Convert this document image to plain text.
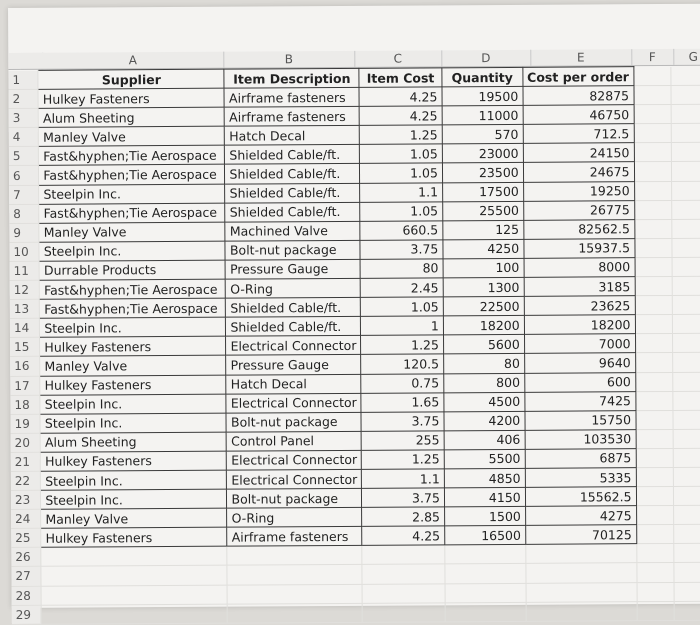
A	B	C	D	E	F	G
1	Supplier	Item Description	Item Cost	Quantity	Cost per order		
2	Hulkey Fasteners	Airframe fasteners	4.25	19500	82875		
3	Alum Sheeting	Airframe fasteners	4.25	11000	46750		
4	Manley Valve	Hatch Decal	1.25	570	712.5		
5	Fast&hyphen;Tie Aerospace	Shielded Cable/ft.	1.05	23000	24150		
6	Fast&hyphen;Tie Aerospace	Shielded Cable/ft.	1.05	23500	24675		
7	Steelpin Inc.	Shielded Cable/ft.	1.1	17500	19250		
8	Fast&hyphen;Tie Aerospace	Shielded Cable/ft.	1.05	25500	26775		
9	Manley Valve	Machined Valve	660.5	125	82562.5		
10	Steelpin Inc.	Bolt-nut package	3.75	4250	15937.5		
11	Durrable Products	Pressure Gauge	80	100	8000		
12	Fast&hyphen;Tie Aerospace	O-Ring	2.45	1300	3185		
13	Fast&hyphen;Tie Aerospace	Shielded Cable/ft.	1.05	22500	23625		
14	Steelpin Inc.	Shielded Cable/ft.	1	18200	18200		
15	Hulkey Fasteners	Electrical Connector	1.25	5600	7000		
16	Manley Valve	Pressure Gauge	120.5	80	9640		
17	Hulkey Fasteners	Hatch Decal	0.75	800	600		
18	Steelpin Inc.	Electrical Connector	1.65	4500	7425		
19	Steelpin Inc.	Bolt-nut package	3.75	4200	15750		
20	Alum Sheeting	Control Panel	255	406	103530		
21	Hulkey Fasteners	Electrical Connector	1.25	5500	6875		
22	Steelpin Inc.	Electrical Connector	1.1	4850	5335		
23	Steelpin Inc.	Bolt-nut package	3.75	4150	15562.5		
24	Manley Valve	O-Ring	2.85	1500	4275		
25	Hulkey Fasteners	Airframe fasteners	4.25	16500	70125		
26							
27							
28							
29							
